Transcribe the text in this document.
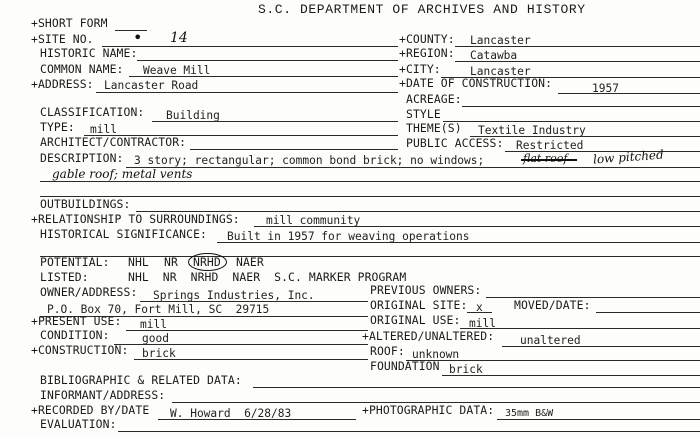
S.C. DEPARTMENT OF ARCHIVES AND HISTORY
+SHORT FORM
+SITE NO. • 14	+COUNTY: Lancaster
HISTORIC NAME:	+REGION: Catawba
COMMON NAME: Weave Mill	+CITY:	Lancaster
+ADDRESS: Lancaster Road	+DATE OF CONSTRUCTION:	1957
ACREAGE:
CLASSIFICATION: Building	STYLE
TYPE: mill	THEME(S) Textile Industry
ARCHITECT/CONTRACTOR:	PUBLIC ACCESS: Restricted
DESCRIPTION: 3 story; rectangular; common bond brick; no windows;	flat roof low pitched
gable roof; metal vents
OUTBUILDINGS:
+RELATIONSHIP TO SURROUNDINGS: mill community
HISTORICAL SIGNIFICANCE: Built in 1957 for weaving operations
POTENTIAL: NHL NR NRHD NAER
LISTED:	NHL  NR  NRHD  NAER  S.C. MARKER PROGRAM
OWNER/ADDRESS: Springs Industries, Inc.
P.O. Box 70, Fort Mill, SC  29715
PREVIOUS OWNERS:
ORIGINAL SITE: x	MOVED/DATE:
+PRESENT USE: mill	ORIGINAL USE: mill
CONDITION:	good	+ALTERED/UNALTERED: unaltered
+CONSTRUCTION: brick	ROOF: unknown
FOUNDATION brick
BIBLIOGRAPHIC & RELATED DATA:
INFORMANT/ADDRESS:
+RECORDED BY/DATE W. Howard  6/28/83	+PHOTOGRAPHIC DATA: 35mm B&W
EVALUATION:
